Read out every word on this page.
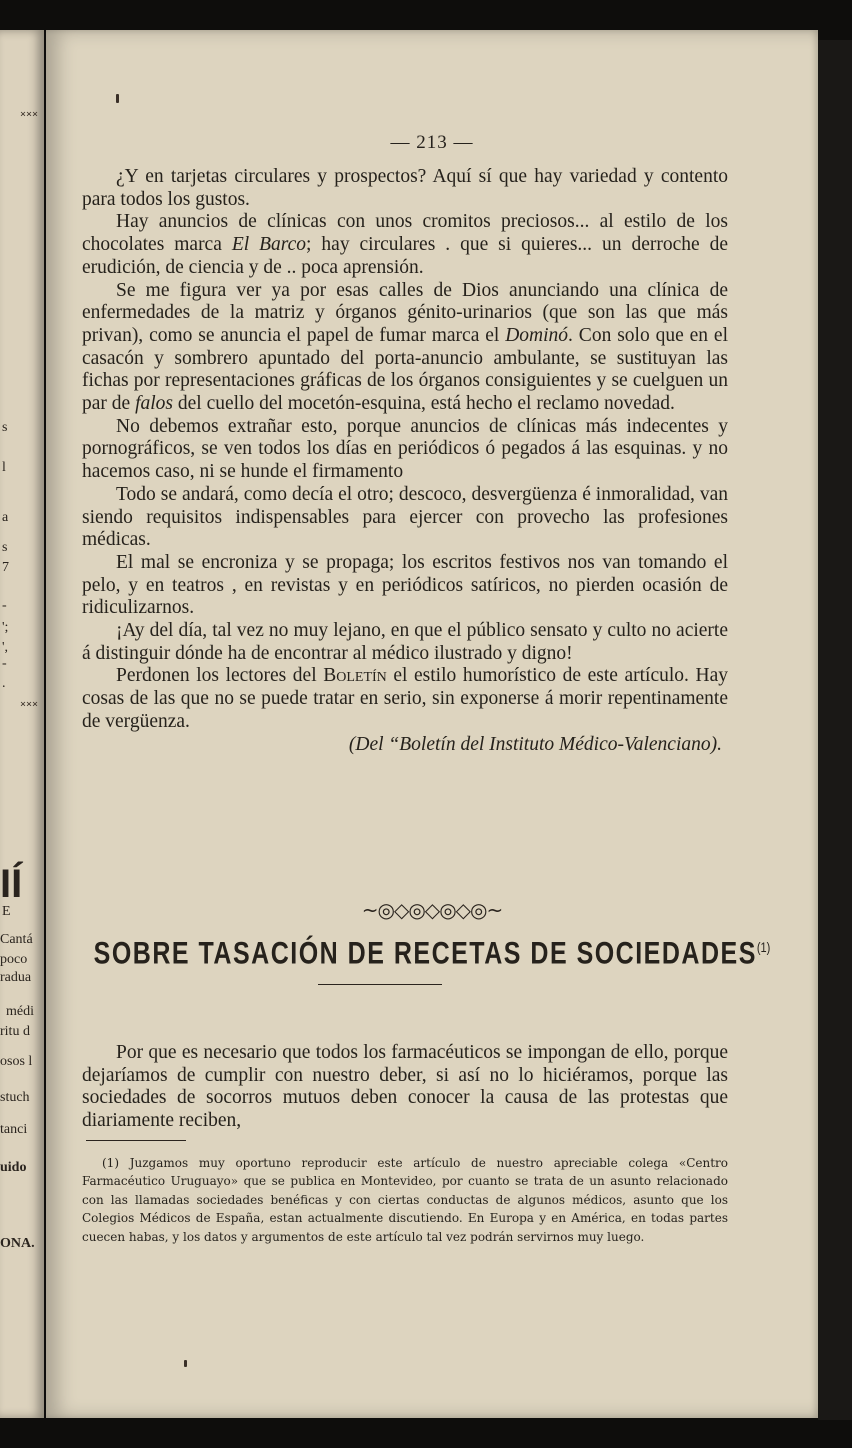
×××
×××
s
l
a
s
7
-
';
',
-
.
IÍ
E
Cantá
poco
radua
médi
ritu d
osos l
stuch
tanci
uido
ONA.
— 213 —

¿Y en tarjetas circulares y prospectos? Aquí sí que hay variedad y contento para todos los gustos.

Hay anuncios de clínicas con unos cromitos preciosos... al estilo de los chocolates marca El Barco; hay circulares . que si quieres... un derroche de erudición, de ciencia y de .. poca aprensión.

Se me figura ver ya por esas calles de Dios anunciando una clínica de enfermedades de la matriz y órganos génito-urinarios (que son las que más privan), como se anuncia el papel de fumar marca el Dominó. Con solo que en el casacón y sombrero apuntado del porta-anuncio ambulante, se sustituyan las fichas por representaciones gráficas de los órganos consiguientes y se cuelguen un par de falos del cuello del mocetón-esquina, está hecho el reclamo novedad.

No debemos extrañar esto, porque anuncios de clínicas más indecentes y pornográficos, se ven todos los días en periódicos ó pegados á las esquinas. y no hacemos caso, ni se hunde el firmamento

Todo se andará, como decía el otro; descoco, desvergüenza é inmoralidad, van siendo requisitos indispensables para ejercer con provecho las profesiones médicas.

El mal se encroniza y se propaga; los escritos festivos nos van tomando el pelo, y en teatros , en revistas y en periódicos satíricos, no pierden ocasión de ridiculizarnos.

¡Ay del día, tal vez no muy lejano, en que el público sensato y culto no acierte á distinguir dónde ha de encontrar al médico ilustrado y digno!

Perdonen los lectores del Boletín el estilo humorístico de este artículo. Hay cosas de las que no se puede tratar en serio, sin exponerse á morir repentinamente de vergüenza.

(Del “Boletín del Instituto Médico-Valenciano).

~◎◇◎◇◎◇◎~
SOBRE TASACIÓN DE RECETAS DE SOCIEDADES$^{(1)}$

Por que es necesario que todos los farmacéuticos se impongan de ello, porque dejaríamos de cumplir con nuestro deber, si así no lo hiciéramos, porque las sociedades de socorros mutuos deben conocer la causa de las protestas que diariamente reciben,

(1) Juzgamos muy oportuno reproducir este artículo de nuestro apreciable colega «Centro Farmacéutico Uruguayo» que se publica en Montevideo, por cuanto se trata de un asunto relacionado con las llamadas sociedades benéficas y con ciertas conductas de algunos médicos, asunto que los Colegios Médicos de España, estan actualmente discutiendo. En Europa y en América, en todas partes cuecen habas, y los datos y argumentos de este artículo tal vez podrán servirnos muy luego.
